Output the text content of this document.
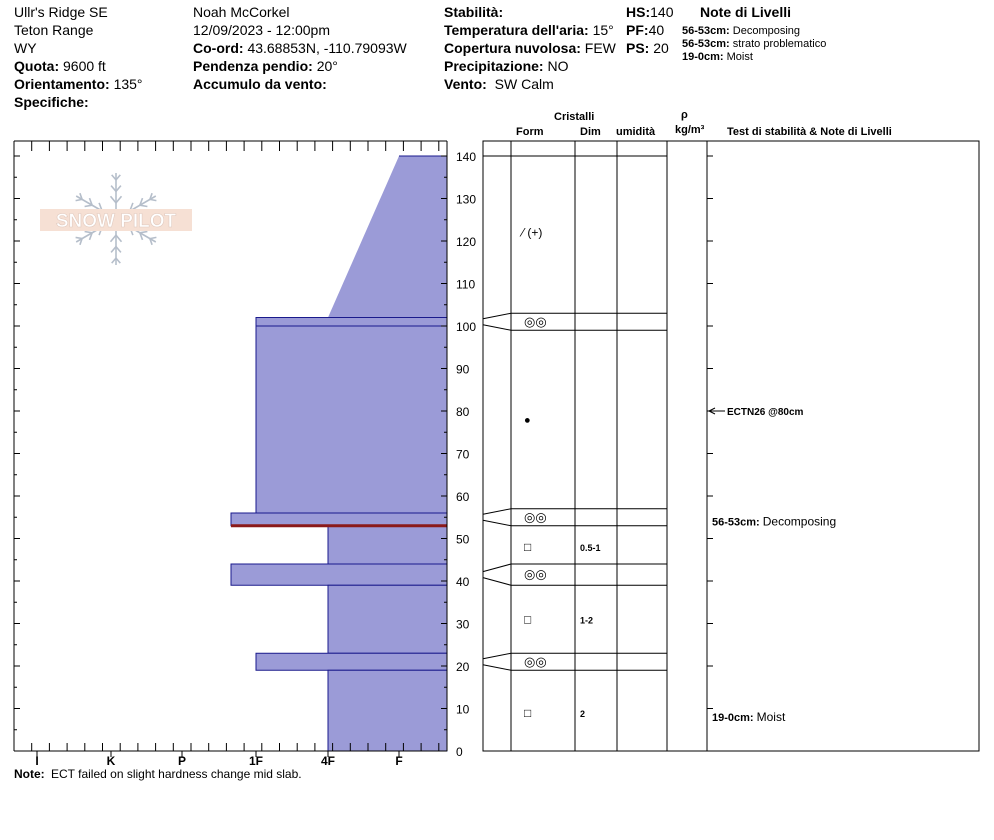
Ullr's Ridge SE
Teton Range
WY
Quota: 9600 ft
Orientamento: 135°
Specifiche:
Noah McCorkel
12/09/2023 - 12:00pm
Co-ord: 43.68853N, -110.79093W
Pendenza pendio: 20°
Accumulo da vento:
Stabilità:
Temperatura dell'aria: 15°
Copertura nuvolosa: FEW
Precipitazione: NO
Vento: SW Calm
HS:140
PF:40
PS: 20
Note di Livelli
56-53cm: Decomposing
56-53cm: strato problematico
19-0cm: Moist
Cristalli
Form	Dim umidità
ρ
kg/m³ Test di stabilità & Note di Livelli
SNOW PILOT
0
10
20
30
40
50
60
70
80
90
100
110
120
130
140
I	K	P	1F	4F	F
⁄ (+)
◎◎
●
◎◎
□	0.5-1
◎◎
□	1-2
◎◎
□	2
ECTN26 @80cm
56-53cm: Decomposing
19-0cm: Moist
Note: ECT failed on slight hardness change mid slab.
